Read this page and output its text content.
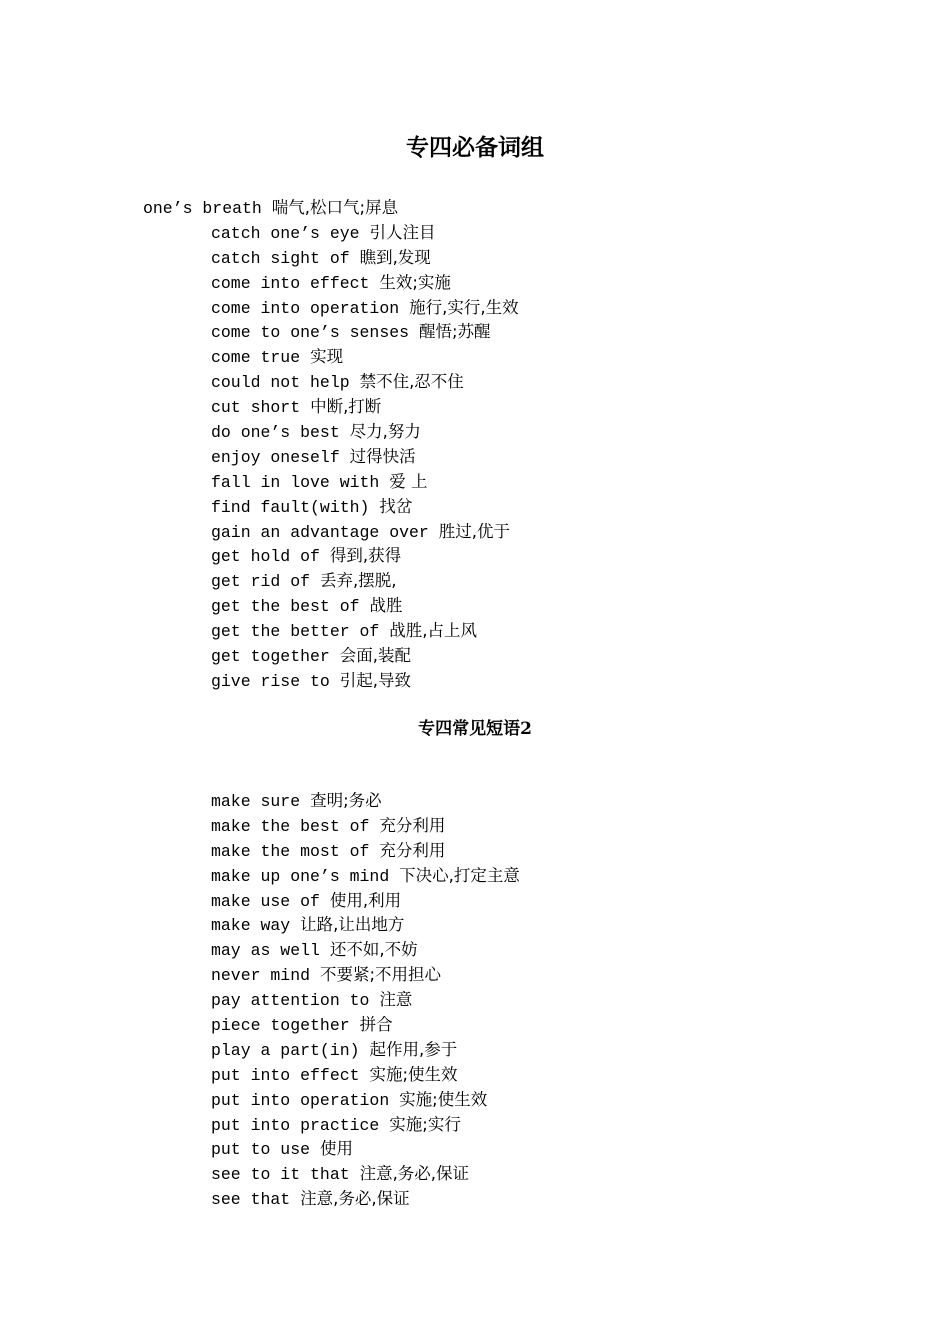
专四必备词组
one’s breath 喘气,松口气;屏息
catch one’s eye 引人注目
catch sight of 瞧到,发现
come into effect 生效;实施
come into operation 施行,实行,生效
come to one’s senses 醒悟;苏醒
come true 实现
could not help 禁不住,忍不住
cut short 中断,打断
do one’s best 尽力,努力
enjoy oneself 过得快活
fall in love with 爱 上
find fault(with) 找岔
gain an advantage over 胜过,优于
get hold of 得到,获得
get rid of 丢弃,摆脱,
get the best of 战胜
get the better of 战胜,占上风
get together 会面,装配
give rise to 引起,导致
专四常见短语2
make sure 查明;务必
make the best of 充分利用
make the most of 充分利用
make up one’s mind 下决心,打定主意
make use of 使用,利用
make way 让路,让出地方
may as well 还不如,不妨
never mind 不要紧;不用担心
pay attention to 注意
piece together 拼合
play a part(in) 起作用,参于
put into effect 实施;使生效
put into operation 实施;使生效
put into practice 实施;实行
put to use 使用
see to it that 注意,务必,保证
see that 注意,务必,保证
